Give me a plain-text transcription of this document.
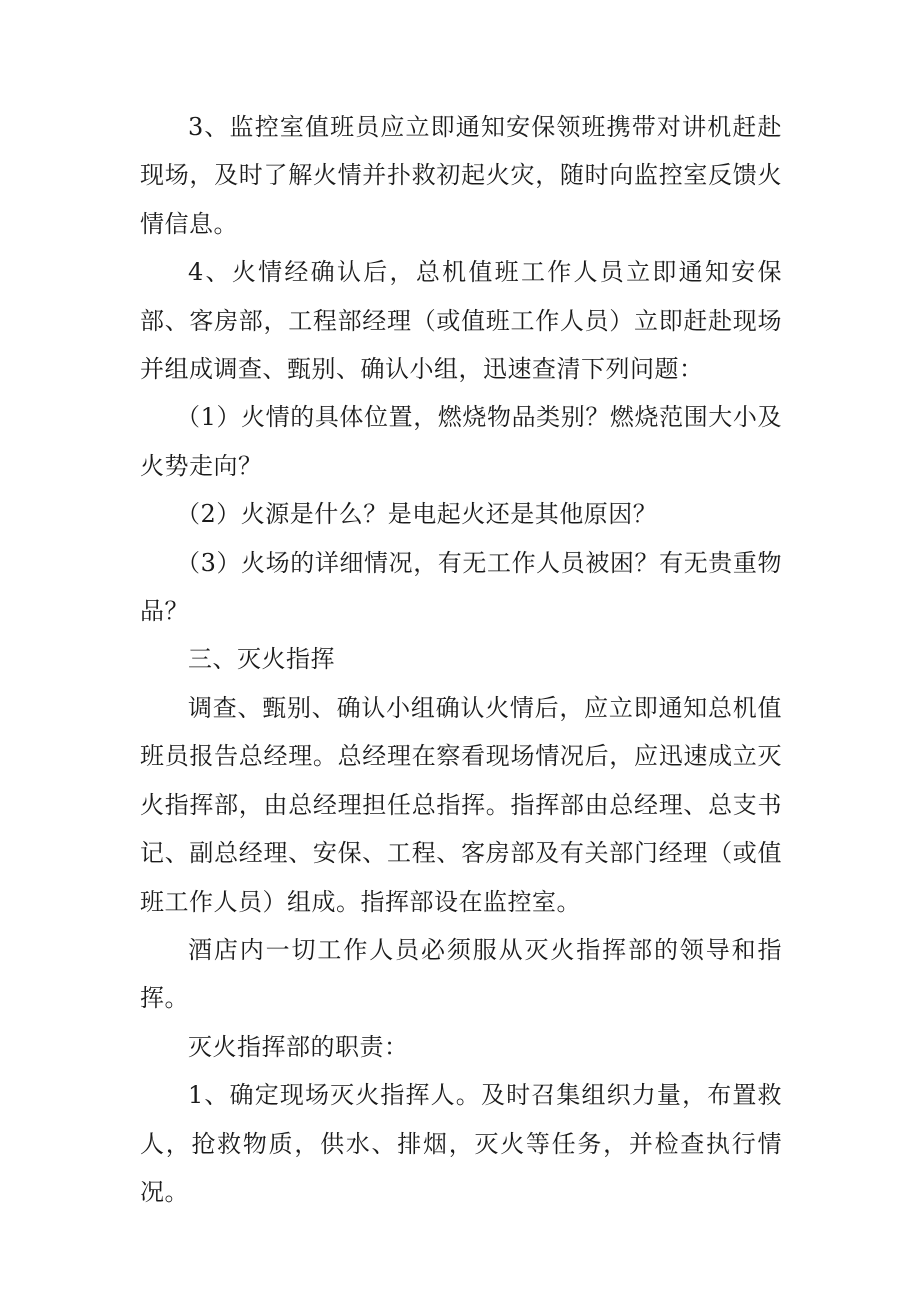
3、监控室值班员应立即通知安保领班携带对讲机赶赴现场，及时了解火情并扑救初起火灾，随时向监控室反馈火情信息。

4、火情经确认后，总机值班工作人员立即通知安保部、客房部，工程部经理（或值班工作人员）立即赶赴现场并组成调查、甄别、确认小组，迅速查清下列问题：

（1）火情的具体位置，燃烧物品类别？燃烧范围大小及火势走向？

（2）火源是什么？是电起火还是其他原因？

（3）火场的详细情况，有无工作人员被困？有无贵重物品？

三、灭火指挥

调查、甄别、确认小组确认火情后，应立即通知总机值班员报告总经理。总经理在察看现场情况后，应迅速成立灭火指挥部，由总经理担任总指挥。指挥部由总经理、总支书记、副总经理、安保、工程、客房部及有关部门经理（或值班工作人员）组成。指挥部设在监控室。

酒店内一切工作人员必须服从灭火指挥部的领导和指挥。

灭火指挥部的职责：

1、确定现场灭火指挥人。及时召集组织力量，布置救人，抢救物质，供水、排烟，灭火等任务，并检查执行情况。
